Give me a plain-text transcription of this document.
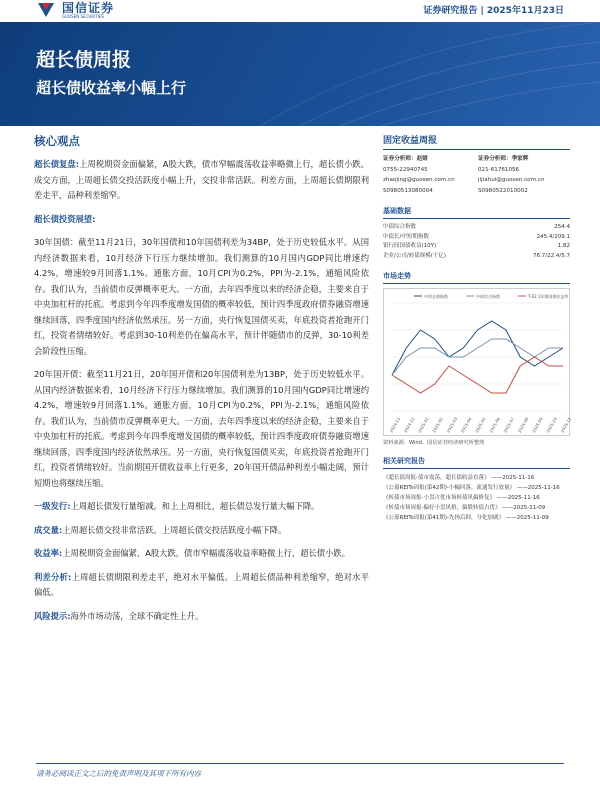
国信证券
GUOSEN SECURITIES	证券研究报告 | 2025年11月23日
超长债周报
超长债收益率小幅上行
核心观点

超长债复盘:上周税期资金面偏紧，A股大跌，债市窄幅震荡收益率略微上行，超长债小跌。成交方面，上周超长债交投活跃度小幅上升，交投非常活跃。利差方面，上周超长债期限利差走平，品种利差缩窄。

超长债投资展望:

30年国债：截至11月21日，30年国债和10年国债利差为34BP，处于历史较低水平。从国内经济数据来看，10月经济下行压力继续增加。我们测算的10月国内GDP同比增速约4.2%，增速较9月回落1.1%。通胀方面，10月CPI为0.2%，PPI为-2.1%，通缩风险依存。我们认为，当前债市反弹概率更大。一方面，去年四季度以来的经济企稳，主要来自于中央加杠杆的托底。考虑到今年四季度增发国债的概率较低，预计四季度政府债券融资增速继续回落，四季度国内经济依然承压。另一方面，央行恢复国债买卖，年底投资者抢跑开门红，投资者情绪较好。考虑到30-10利差仍在偏高水平，预计伴随债市的反弹，30-10利差会阶段性压缩。

20年国开债：截至11月21日，20年国开债和20年国债利差为13BP，处于历史较低水平。从国内经济数据来看，10月经济下行压力继续增加。我们测算的10月国内GDP同比增速约4.2%，增速较9月回落1.1%。通胀方面，10月CPI为0.2%，PPI为-2.1%，通缩风险依存。我们认为，当前债市反弹概率更大。一方面，去年四季度以来的经济企稳，主要来自于中央加杠杆的托底。考虑到今年四季度增发国债的概率较低，预计四季度政府债券融资增速继续回落，四季度国内经济依然承压。另一方面，央行恢复国债买卖，年底投资者抢跑开门红，投资者情绪较好。当前期国开债收益率上行更多，20年国开债品种利差小幅走阔，预计短期也将继续压缩。

一级发行:上周超长债发行量缩减。和上上周相比，超长债总发行量大幅下降。

成交量:上周超长债交投非常活跃。上周超长债交投活跃度小幅下降。

收益率:上周税期资金面偏紧，A股大跌，债市窄幅震荡收益率略微上行，超长债小跌。

利差分析:上周超长债期限利差走平，绝对水平偏低。上周超长债品种利差缩窄，绝对水平偏低。

风险提示:海外市场动荡，全球不确定性上升。

固定收益周报
证券分析师：赵婧
0755-22940745
zhaojing@guosen.com.cn
S0980513080004
证券分析师：季家辉
021-61761056
jijiahui@guosen.com.cn
S0980522010002
基础数据
中债综合指数	254.4
中债长/中短期指数	245.4/209.1
银行间国债收益(10Y)	1.82
企业/公司/转债规模(千亿)	76.7/22.4/5.7
市场走势
中债长期指数	中债综合指数	T-02 1年期国债收益率
2024-11 2024-12 2025-01 2025-02 2025-03 2025-04 2025-05 2025-06 2025-07 2025-08 2025-09 2025-10 2025-11
资料来源：Wind、国信证券经济研究所整理
相关研究报告
《超长债周报-债市震荡，超长债收益直落》 ——2025-11-16
《公募REITs周报(第42期)-小幅回落，流通发行放量》 ——2025-11-16
《转债市场周报-小盘占优市场转债风偏修复》 ——2025-11-16
《转债市场周报-偏好小盘风格，偏股转债占优》 ——2025-11-09
《公募REITs周报(第41期)-先扬后抑，分化加剧》 ——2025-11-09
请务必阅读正文之后的免责声明及其项下所有内容
